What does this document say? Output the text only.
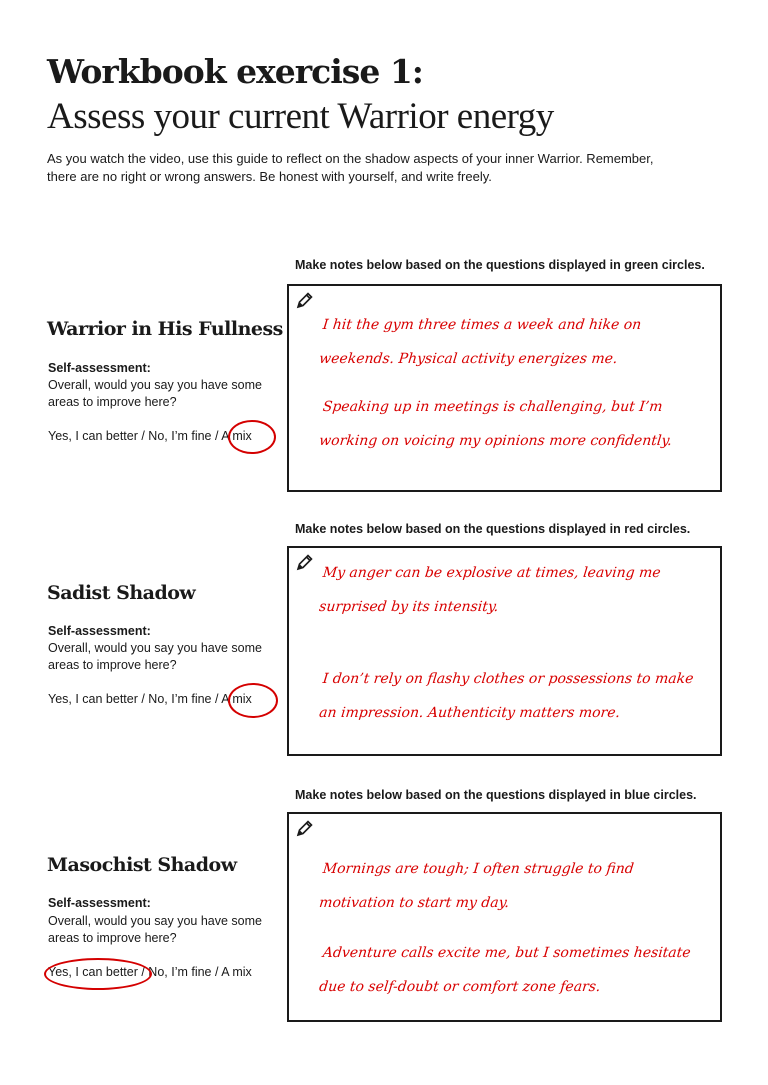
Workbook exercise 1:
Assess your current Warrior energy

As you watch the video, use this guide to reflect on the shadow aspects of your inner Warrior. Remember, there are no right or wrong answers. Be honest with yourself, and write freely.

Make notes below based on the questions displayed in green circles.
Warrior in His Fullness
Self-assessment:
Overall, would you say you have some areas to improve here?
Yes, I can better / No, I’m fine / A mix
I hit the gym three times a week and hike on weekends. Physical activity energizes me.
Speaking up in meetings is challenging, but I’m working on voicing my opinions more confidently.
Make notes below based on the questions displayed in red circles.
Sadist Shadow
Self-assessment:
Overall, would you say you have some areas to improve here?
Yes, I can better / No, I’m fine / A mix
My anger can be explosive at times, leaving me surprised by its intensity.
I don’t rely on flashy clothes or possessions to make an impression. Authenticity matters more.
Make notes below based on the questions displayed in blue circles.
Masochist Shadow
Self-assessment:
Overall, would you say you have some areas to improve here?
Yes, I can better / No, I’m fine / A mix
Mornings are tough; I often struggle to find motivation to start my day.
Adventure calls excite me, but I sometimes hesitate due to self-doubt or comfort zone fears.
